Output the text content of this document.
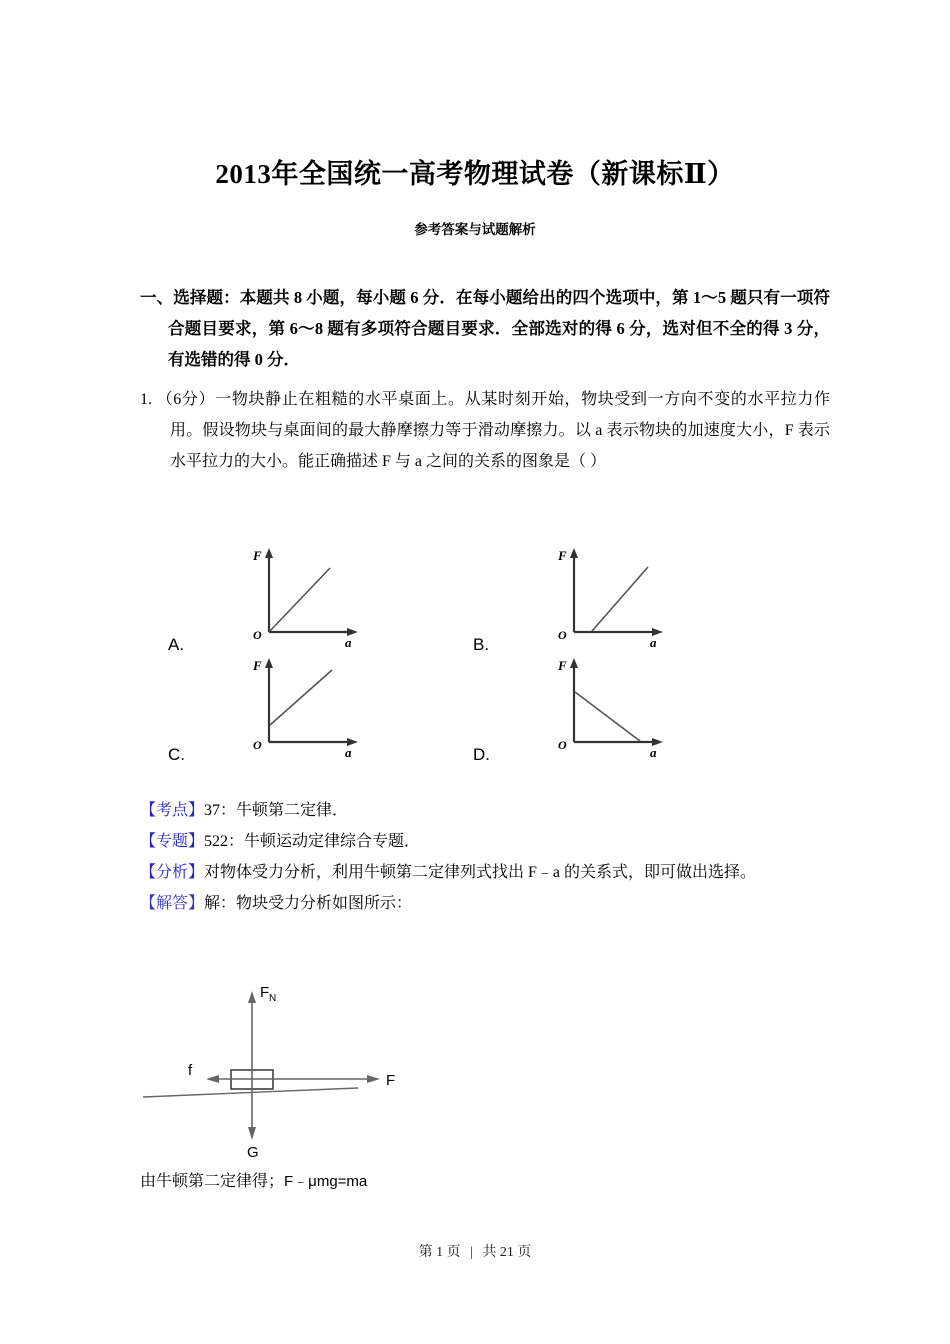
2013年全国统一高考物理试卷（新课标Ⅱ）
参考答案与试题解析

一、选择题：本题共 8 小题，每小题 6 分．在每小题给出的四个选项中，第 1～5 题只有一项符合题目要求，第 6～8 题有多项符合题目要求．全部选对的得 6 分，选对但不全的得 3 分，有选错的得 0 分．

1. （6分）一物块静止在粗糙的水平桌面上。从某时刻开始，物块受到一方向不变的水平拉力作用。假设物块与桌面间的最大静摩擦力等于滑动摩擦力。以 a 表示物块的加速度大小，F 表示水平拉力的大小。能正确描述 F 与 a 之间的关系的图象是（ ）

A.
F
O	a	B.
F
O	a
C.
F
O	a	D.
F
O	a

【考点】37：牛顿第二定律．

【专题】522：牛顿运动定律综合专题．

【分析】对物体受力分析，利用牛顿第二定律列式找出 F﹣a 的关系式，即可做出选择。

【解答】解：物块受力分析如图所示：

F N
G
f
F
由牛顿第二定律得；F﹣μmg=ma
第 1 页 | 共 21 页
